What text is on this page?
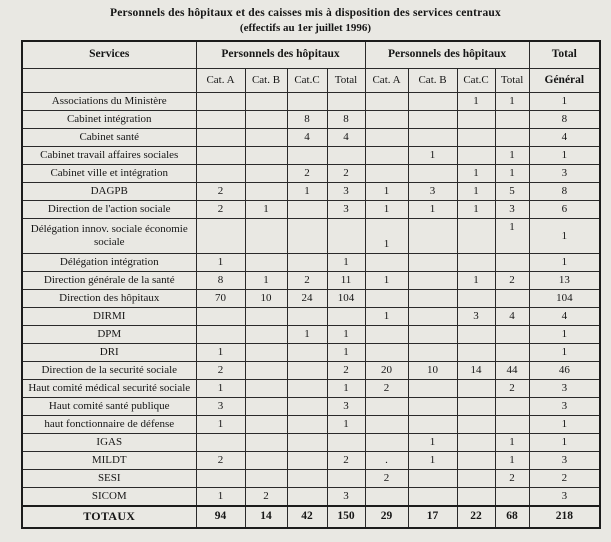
Personnels des hôpitaux et des caisses mis à disposition des services centraux
(effectifs au 1er juillet 1996)
Services	Personnels des hôpitaux				Personnels des hôpitaux				Total
	Cat. A	Cat. B	Cat.C	Total	Cat. A	Cat. B	Cat.C	Total	Général
Associations du Ministère							1	1	1
Cabinet intégration			8	8					8
Cabinet santé			4	4					4
Cabinet travail affaires sociales						1		1	1
Cabinet ville et intégration			2	2			1	1	3
DAGPB	2		1	3	1	3	1	5	8
Direction de l'action sociale	2	1		3	1	1	1	3	6
Délégation innov. sociale économie sociale					1			1	1
Délégation intégration	1			1					1
Direction générale de la santé	8	1	2	11	1		1	2	13
Direction des hôpitaux	70	10	24	104					104
DIRMI					1		3	4	4
DPM			1	1					1
DRI	1			1					1
Direction de la securité sociale	2			2	20	10	14	44	46
Haut comité médical securité sociale	1			1	2			2	3
Haut comité santé publique	3			3					3
haut fonctionnaire de défense	1			1					1
IGAS						1		1	1
MILDT	2			2	.	1		1	3
SESI					2			2	2
SICOM	1	2		3					3
TOTAUX	94	14	42	150	29	17	22	68	218
